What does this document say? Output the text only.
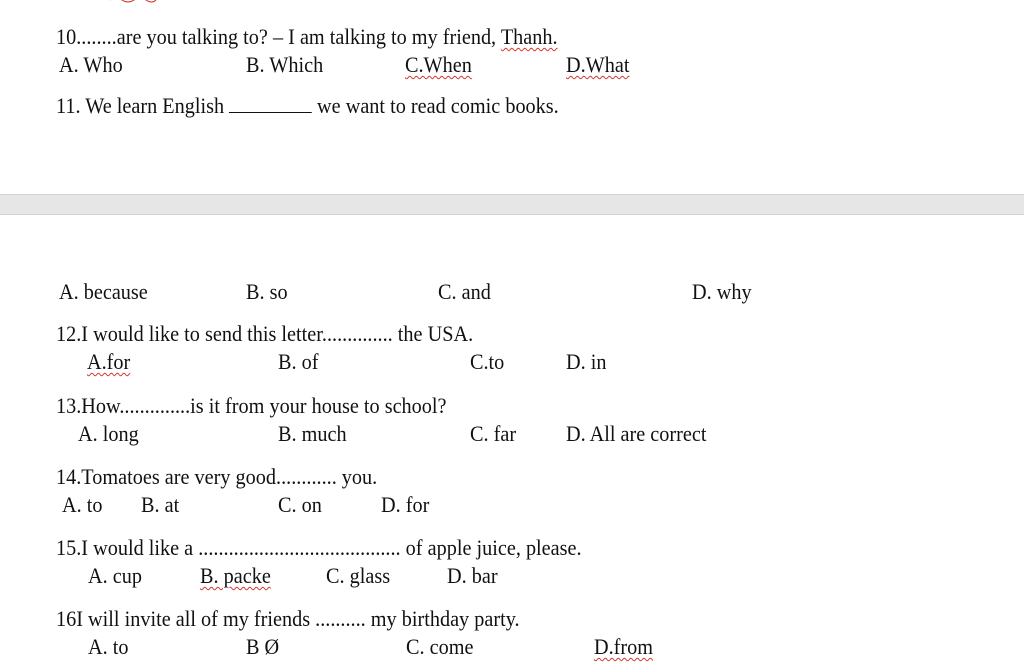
10........are you talking to? – I am talking to my friend, Thanh.
A. Who	B. Which	C.When	D.What
11. We learn English	we want to read comic books.
A. because	B. so	C. and	D. why
12.I would like to send this letter.............. the USA.
A.for	B. of	C.to	D. in
13.How..............is it from your house to school?
A. long	B. much	C. far D. All are correct
14.Tomatoes are very good............ you.
A. to B. at	C. on	D. for
15.I would like a ........................................ of apple juice, please.
A. cup	B. packe	C. glass	D. bar
16I will invite all of my friends .......... my birthday party.
A. to	B Ø	C. come	D.from
